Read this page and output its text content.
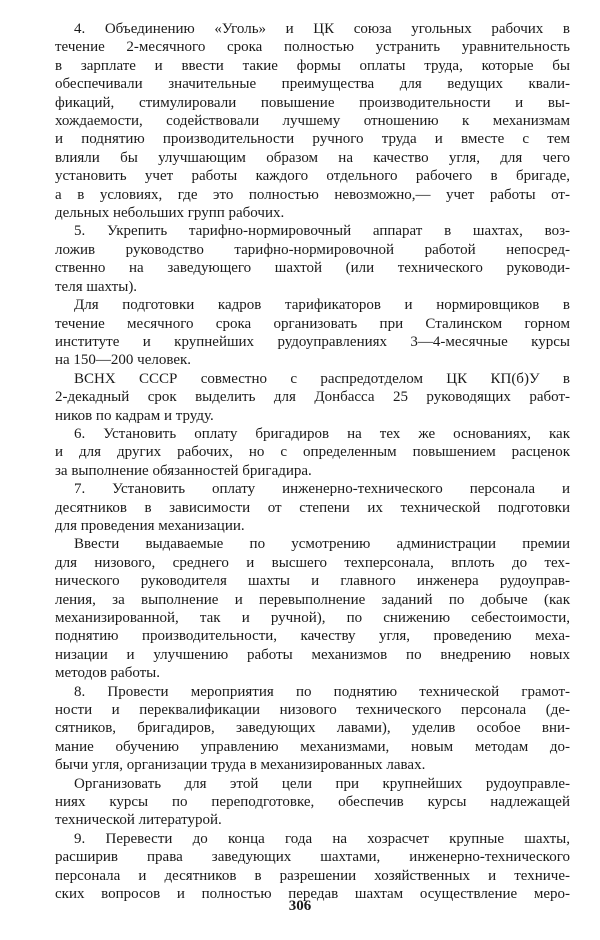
4. Объединению «Уголь» и ЦК союза угольных рабочих в
течение 2-месячного срока полностью устранить уравнительность
в зарплате и ввести такие формы оплаты труда, которые бы
обеспечивали значительные преимущества для ведущих квали-
фикаций, стимулировали повышение производительности и вы-
хождаемости, содействовали лучшему отношению к механизмам
и поднятию производительности ручного труда и вместе с тем
влияли бы улучшающим образом на качество угля, для чего
установить учет работы каждого отдельного рабочего в бригаде,
а в условиях, где это полностью невозможно,— учет работы от-
дельных небольших групп рабочих.
5. Укрепить тарифно-нормировочный аппарат в шахтах, воз-
ложив руководство тарифно-нормировочной работой непосред-
ственно на заведующего шахтой (или технического руководи-
теля шахты).
Для подготовки кадров тарификаторов и нормировщиков в
течение месячного срока организовать при Сталинском горном
институте и крупнейших рудоуправлениях 3—4-месячные курсы
на 150—200 человек.
ВСНХ СССР совместно с распредотделом ЦК КП(б)У в
2-декадный срок выделить для Донбасса 25 руководящих работ-
ников по кадрам и труду.
6. Установить оплату бригадиров на тех же основаниях, как
и для других рабочих, но с определенным повышением расценок
за выполнение обязанностей бригадира.
7. Установить оплату инженерно-технического персонала и
десятников в зависимости от степени их технической подготовки
для проведения механизации.
Ввести выдаваемые по усмотрению администрации премии
для низового, среднего и высшего техперсонала, вплоть до тех-
нического руководителя шахты и главного инженера рудоуправ-
ления, за выполнение и перевыполнение заданий по добыче (как
механизированной, так и ручной), по снижению себестоимости,
поднятию производительности, качеству угля, проведению меха-
низации и улучшению работы механизмов по внедрению новых
методов работы.
8. Провести мероприятия по поднятию технической грамот-
ности и переквалификации низового технического персонала (де-
сятников, бригадиров, заведующих лавами), уделив особое вни-
мание обучению управлению механизмами, новым методам до-
бычи угля, организации труда в механизированных лавах.
Организовать для этой цели при крупнейших рудоуправле-
ниях курсы по переподготовке, обеспечив курсы надлежащей
технической литературой.
9. Перевести до конца года на хозрасчет крупные шахты,
расширив права заведующих шахтами, инженерно-технического
персонала и десятников в разрешении хозяйственных и техниче-
ских вопросов и полностью передав шахтам осуществление меро-
306
